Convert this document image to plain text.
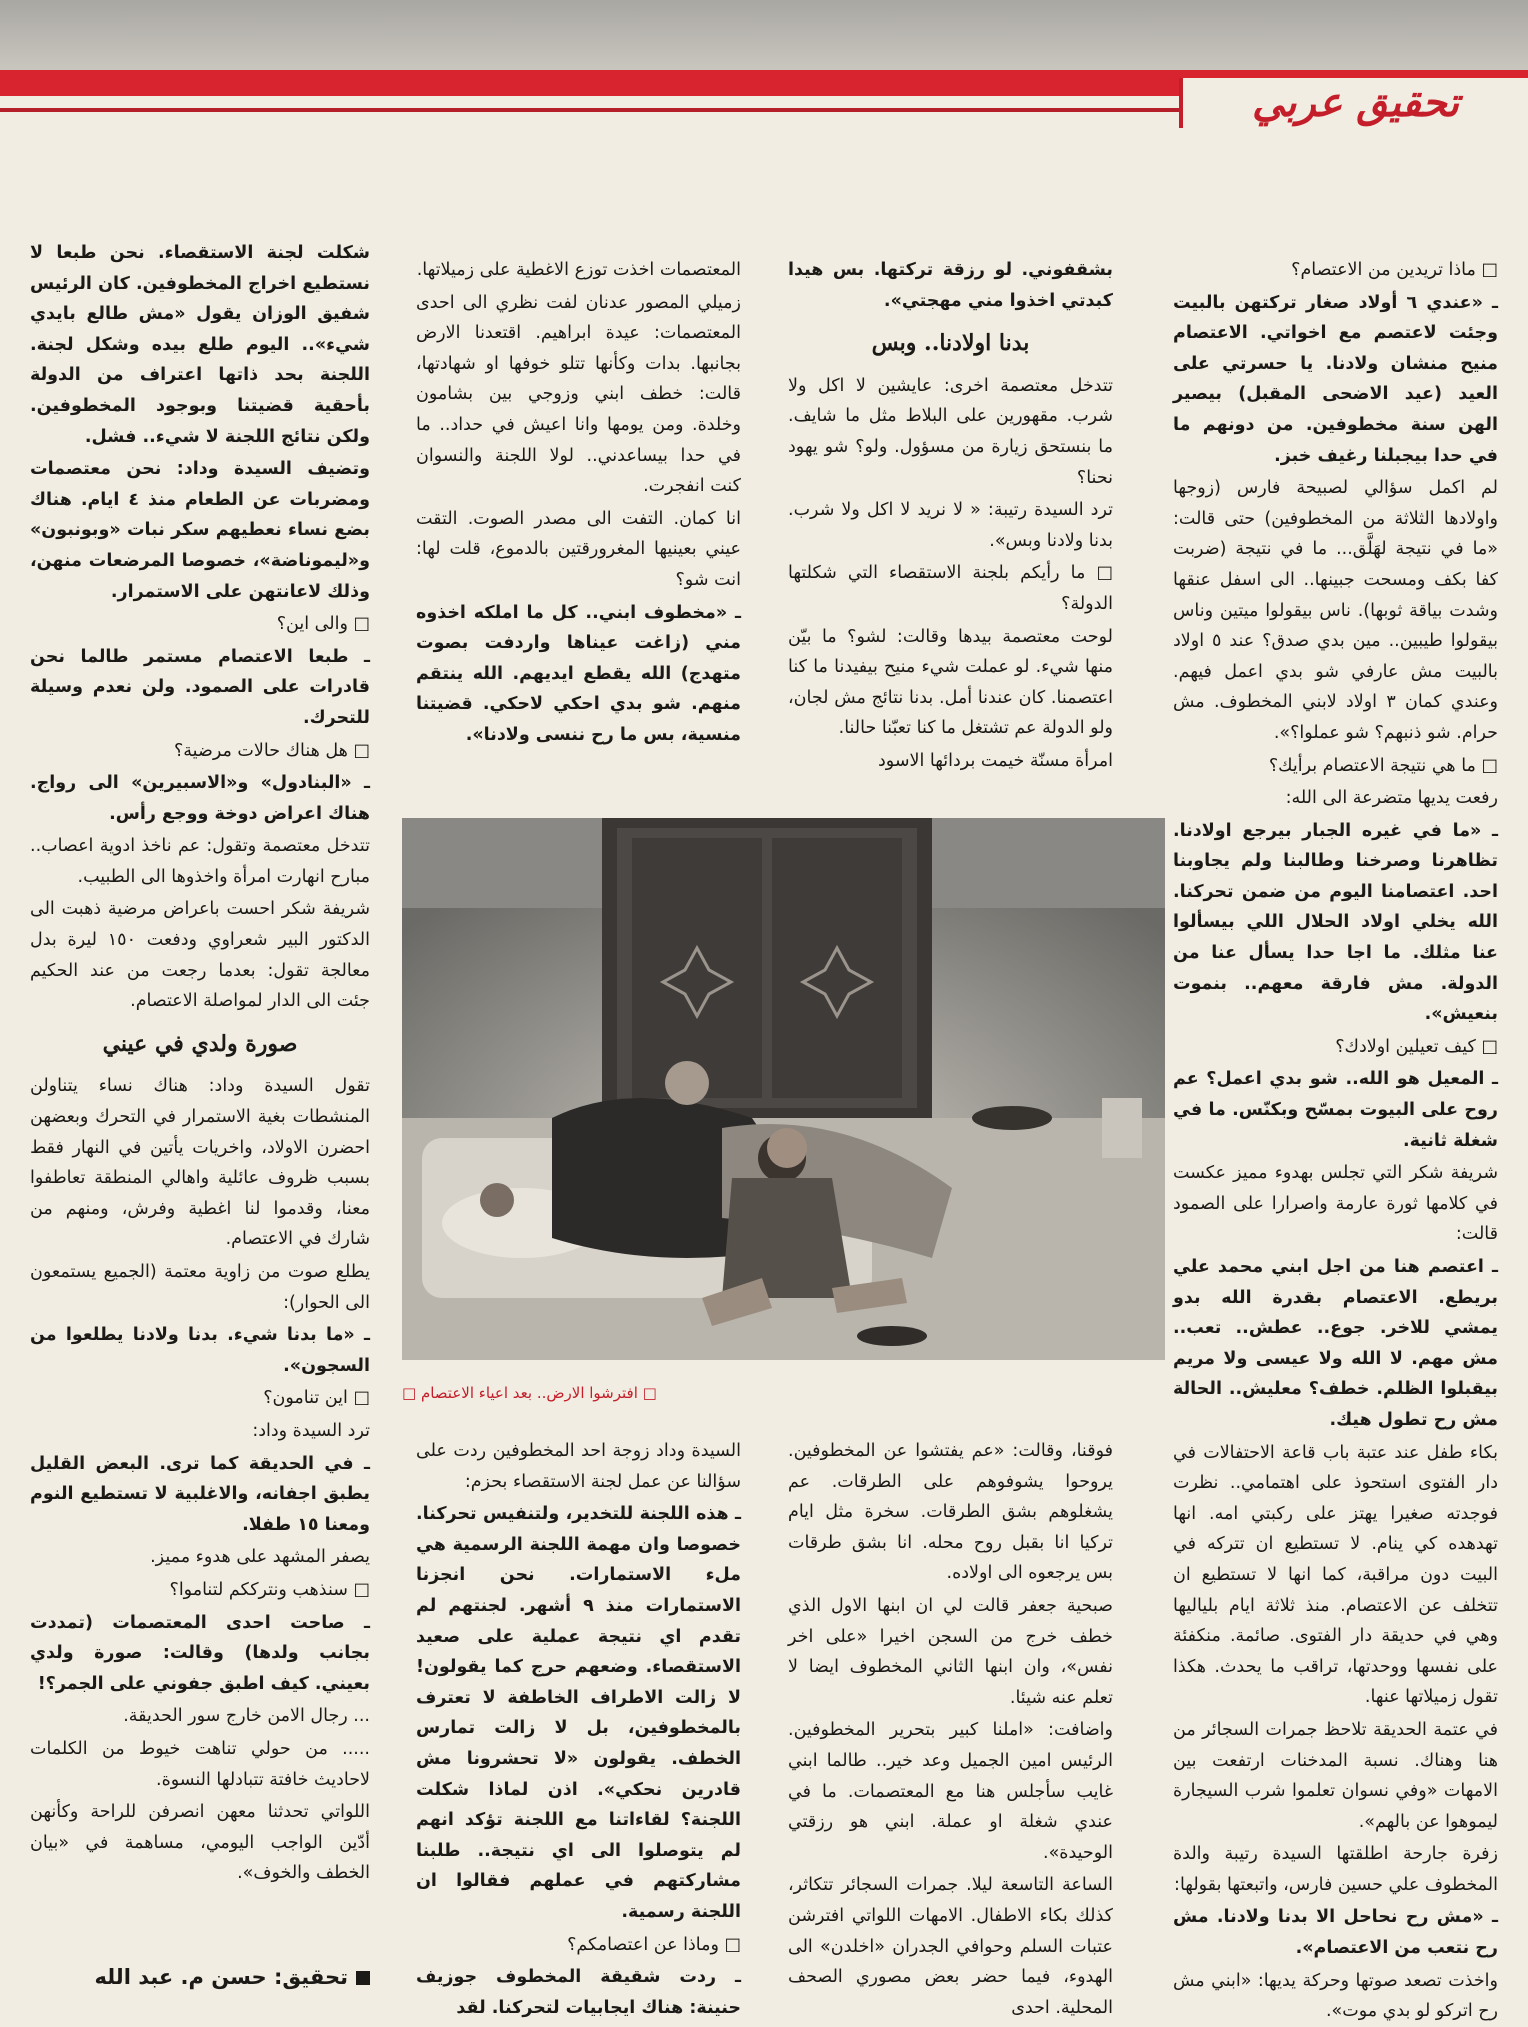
تحقيق عربي

□ ماذا تريدين من الاعتصام؟

ـ «عندي ٦ أولاد صغار تركتهن بالبيت وجئت لاعتصم مع اخواتي. الاعتصام منيح منشان ولادنا. يا حسرتي على العيد (عيد الاضحى المقبل) بيصير الهن سنة مخطوفين. من دونهم ما في حدا بيجبلنا رغيف خبز.

لم اكمل سؤالي لصبيحة فارس (زوجها واولادها الثلاثة من المخطوفين) حتى قالت: «ما في نتيجة لهَلَّق... ما في نتيجة (ضربت كفا بكف ومسحت جبينها.. الى اسفل عنقها وشدت بياقة ثوبها). ناس بيقولوا ميتين وناس بيقولوا طيبين.. مين بدي صدق؟ عند ٥ اولاد بالبيت مش عارفي شو بدي اعمل فيهم. وعندي كمان ٣ اولاد لابني المخطوف. مش حرام. شو ذنبهم؟ شو عملوا؟».

□ ما هي نتيجة الاعتصام برأيك؟

رفعت يديها متضرعة الى الله:

ـ «ما في غيره الجبار بيرجع اولادنا. تظاهرنا وصرخنا وطالبنا ولم يجاوبنا احد. اعتصامنا اليوم من ضمن تحركنا. الله يخلي اولاد الحلال اللي بيسألوا عنا مثلك. ما اجا حدا يسأل عنا من الدولة. مش فارقة معهم.. بنموت بنعيش».

□ كيف تعيلين اولادك؟

ـ المعيل هو الله.. شو بدي اعمل؟ عم روح على البيوت بمسّح وبكنّس. ما في شغلة ثانية.

شريفة شكر التي تجلس بهدوء مميز عكست في كلامها ثورة عارمة واصرارا على الصمود قالت:

ـ اعتصم هنا من اجل ابني محمد علي بريطع. الاعتصام بقدرة الله بدو يمشي للاخر. جوع.. عطش.. تعب.. مش مهم. لا الله ولا عيسى ولا مريم بيقبلوا الظلم. خطف؟ معليش.. الحالة مش رح تطول هيك.

بكاء طفل عند عتبة باب قاعة الاحتفالات في دار الفتوى استحوذ على اهتمامي.. نظرت فوجدته صغيرا يهتز على ركبتي امه. انها تهدهده كي ينام. لا تستطيع ان تتركه في البيت دون مراقبة، كما انها لا تستطيع ان تتخلف عن الاعتصام. منذ ثلاثة ايام بلياليها وهي في حديقة دار الفتوى. صائمة. منكفئة على نفسها ووحدتها، تراقب ما يحدث. هكذا تقول زميلاتها عنها.

في عتمة الحديقة تلاحظ جمرات السجائر من هنا وهناك. نسبة المدخنات ارتفعت بين الامهات «وفي نسوان تعلموا شرب السيجارة ليموهوا عن بالهم».

زفرة جارحة اطلقتها السيدة رتيبة والدة المخطوف علي حسين فارس، واتبعتها بقولها:

ـ «مش رح نحاحل الا بدنا ولادنا. مش رح نتعب من الاعتصام».

واخذت تصعد صوتها وحركة يديها: «ابني مش رح اتركو لو بدي موت».

بشقفوني. لو رزقة تركتها. بس هيدا كبدتي اخذوا مني مهجتي».

بدنا اولادنا.. وبس

تتدخل معتصمة اخرى: عايشين لا اكل ولا شرب. مقهورين على البلاط مثل ما شايف. ما بنستحق زيارة من مسؤول. ولو؟ شو يهود نحنا؟

ترد السيدة رتيبة: « لا نريد لا اكل ولا شرب. بدنا ولادنا وبس».

□ ما رأيكم بلجنة الاستقصاء التي شكلتها الدولة؟

لوحت معتصمة بيدها وقالت: لشو؟ ما بيّن منها شيء. لو عملت شيء منيح بيفيدنا ما كنا اعتصمنا. كان عندنا أمل. بدنا نتائج مش لجان، ولو الدولة عم تشتغل ما كنا تعبّنا حالنا.

امرأة مسنّة خيمت بردائها الاسود

المعتصمات اخذت توزع الاغطية على زميلاتها.

زميلي المصور عدنان لفت نظري الى احدى المعتصمات: عيدة ابراهيم. اقتعدنا الارض بجانبها. بدات وكأنها تتلو خوفها او شهادتها، قالت: خطف ابني وزوجي بين بشامون وخلدة. ومن يومها وانا اعيش في حداد.. ما في حدا بيساعدني.. لولا اللجنة والنسوان كنت انفجرت.

انا كمان. التفت الى مصدر الصوت. التقت عيني بعينيها المغرورقتين بالدموع، قلت لها: انت شو؟

ـ «مخطوف ابني.. كل ما املكه اخذوه مني (زاغت عيناها واردفت بصوت متهدج) الله يقطع ايديهم. الله ينتقم منهم. شو بدي احكي لاحكي. قضيتنا منسية، بس ما رح ننسى ولادنا».

شكلت لجنة الاستقصاء. نحن طبعا لا نستطيع اخراج المخطوفين. كان الرئيس شفيق الوزان يقول «مش طالع بايدي شيء».. اليوم طلع بيده وشكل لجنة. اللجنة بحد ذاتها اعتراف من الدولة بأحقية قضيتنا وبوجود المخطوفين. ولكن نتائج اللجنة لا شيء.. فشل.

وتضيف السيدة وداد: نحن معتصمات ومضربات عن الطعام منذ ٤ ايام. هناك بضع نساء نعطيهم سكر نبات «وبونبون» و«ليموناضة»، خصوصا المرضعات منهن، وذلك لاعانتهن على الاستمرار.

□ والى اين؟

ـ طبعا الاعتصام مستمر طالما نحن قادرات على الصمود. ولن نعدم وسيلة للتحرك.

□ هل هناك حالات مرضية؟

ـ «البنادول» و«الاسبيرين» الى رواج. هناك اعراض دوخة ووجع رأس.

تتدخل معتصمة وتقول: عم ناخذ ادوية اعصاب.. مبارح انهارت امرأة واخذوها الى الطبيب.

شريفة شكر احست باعراض مرضية ذهبت الى الدكتور البير شعراوي ودفعت ١٥٠ ليرة بدل معالجة تقول: بعدما رجعت من عند الحكيم جئت الى الدار لمواصلة الاعتصام.

صورة ولدي في عيني

تقول السيدة وداد: هناك نساء يتناولن المنشطات بغية الاستمرار في التحرك وبعضهن احضرن الاولاد، واخريات يأتين في النهار فقط بسبب ظروف عائلية واهالي المنطقة تعاطفوا معنا، وقدموا لنا اغطية وفرش، ومنهم من شارك في الاعتصام.

يطلع صوت من زاوية معتمة (الجميع يستمعون الى الحوار):

ـ «ما بدنا شيء. بدنا ولادنا يطلعوا من السجون».

□ اين تنامون؟

ترد السيدة وداد:

ـ في الحديقة كما ترى. البعض القليل يطبق اجفانه، والاغلبية لا تستطيع النوم ومعنا ١٥ طفلا.

يصفر المشهد على هدوء مميز.

□ سنذهب ونترككم لتناموا؟

ـ صاحت احدى المعتصمات (تمددت بجانب ولدها) وقالت: صورة ولدي بعيني. كيف اطبق جفوني على الجمر؟!

... رجال الامن خارج سور الحديقة.

..... من حولي تناهت خيوط من الكلمات لاحاديث خافتة تتبادلها النسوة.

اللواتي تحدثنا معهن انصرفن للراحة وكأنهن أدّين الواجب اليومي، مساهمة في «بيان الخطف والخوف».

فوقنا، وقالت: «عم يفتشوا عن المخطوفين. يروحوا يشوفوهم على الطرقات. عم يشغلوهم بشق الطرقات. سخرة مثل ايام تركيا انا بقبل روح محله. انا بشق طرقات بس يرجعوه الى اولاده.

صبحية جعفر قالت لي ان ابنها الاول الذي خطف خرج من السجن اخيرا «على اخر نفس»، وان ابنها الثاني المخطوف ايضا لا تعلم عنه شيئا.

واضافت: «املنا كبير بتحرير المخطوفين. الرئيس امين الجميل وعد خير.. طالما ابني غايب سأجلس هنا مع المعتصمات. ما في عندي شغلة او عملة. ابني هو رزقتي الوحيدة».

الساعة التاسعة ليلا. جمرات السجائر تتكاثر، كذلك بكاء الاطفال. الامهات اللواتي افترشن عتبات السلم وحوافي الجدران «اخلدن» الى الهدوء، فيما حضر بعض مصوري الصحف المحلية. احدى

السيدة وداد زوجة احد المخطوفين ردت على سؤالنا عن عمل لجنة الاستقصاء بحزم:

ـ هذه اللجنة للتخدير، ولتنفيس تحركنا. خصوصا وان مهمة اللجنة الرسمية هي ملء الاستمارات. نحن انجزنا الاستمارات منذ ٩ أشهر. لجنتهم لم تقدم اي نتيجة عملية على صعيد الاستقصاء. وضعهم حرج كما يقولون! لا زالت الاطراف الخاطفة لا تعترف بالمخطوفين، بل لا زالت تمارس الخطف. يقولون «لا تحشرونا مش قادرين نحكي». اذن لماذا شكلت اللجنة؟ لقاءاتنا مع اللجنة تؤكد انهم لم يتوصلوا الى اي نتيجة.. طلبنا مشاركتهم في عملهم فقالوا ان اللجنة رسمية.

□ وماذا عن اعتصامكم؟

ـ ردت شقيقة المخطوف جوزيف حنينة: هناك ايجابيات لتحركنا. لقد

□ افترشوا الارض.. بعد اعياء الاعتصام □
تحقيق: حسن م. عبد الله
